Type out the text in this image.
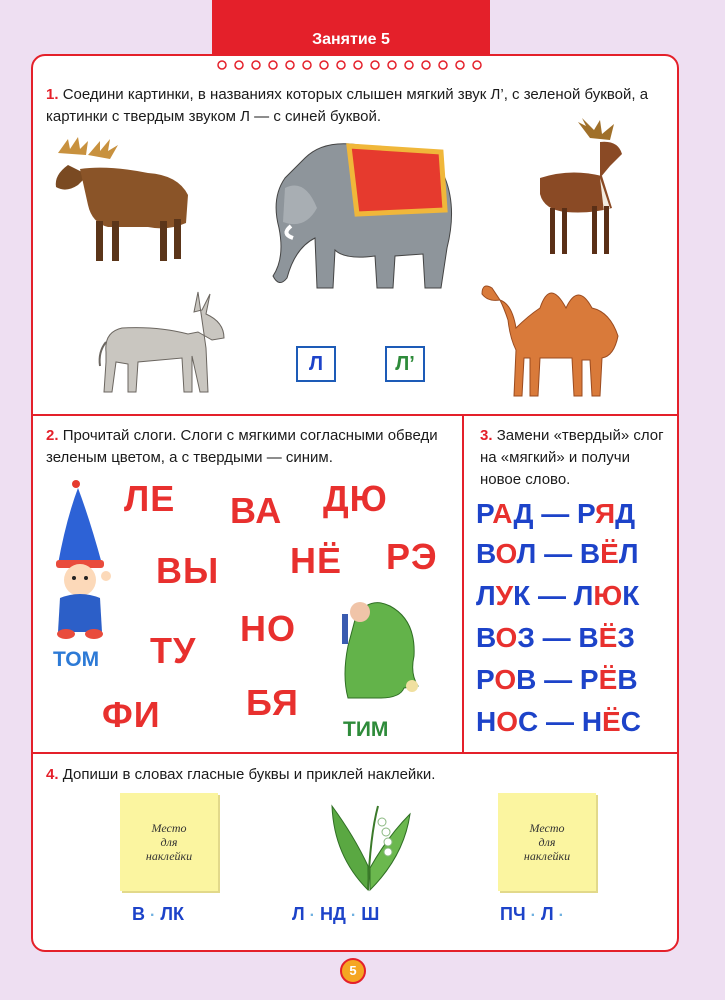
Занятие 5
1. Соедини картинки, в названиях которых слышен мягкий звук Л’, с зеленой буквой, а картинки с твердым звуком Л — с синей буквой.
Л	Л’
2. Прочитай слоги. Слоги с мягкими согласными обведи зеленым цветом, а с твердыми — синим.
ТОМ
ТИМ
ЛЕ ВА ДЮ
ВЫ НЁ РЭ
ТУ
НО
ФИ БЯ
3. Замени «твердый» слог на «мягкий» и получи новое слово.
РАД — РЯД
ВОЛ — ВЁЛ
ЛУК — ЛЮК
ВОЗ — ВЁЗ
РОВ — РЁВ
НОС — НЁС
4. Допиши в словах гласные буквы и приклей наклейки.
Место
для
наклейки
Место
для
наклейки
В · ЛК	Л · НД · Ш	ПЧ · Л ·
5
